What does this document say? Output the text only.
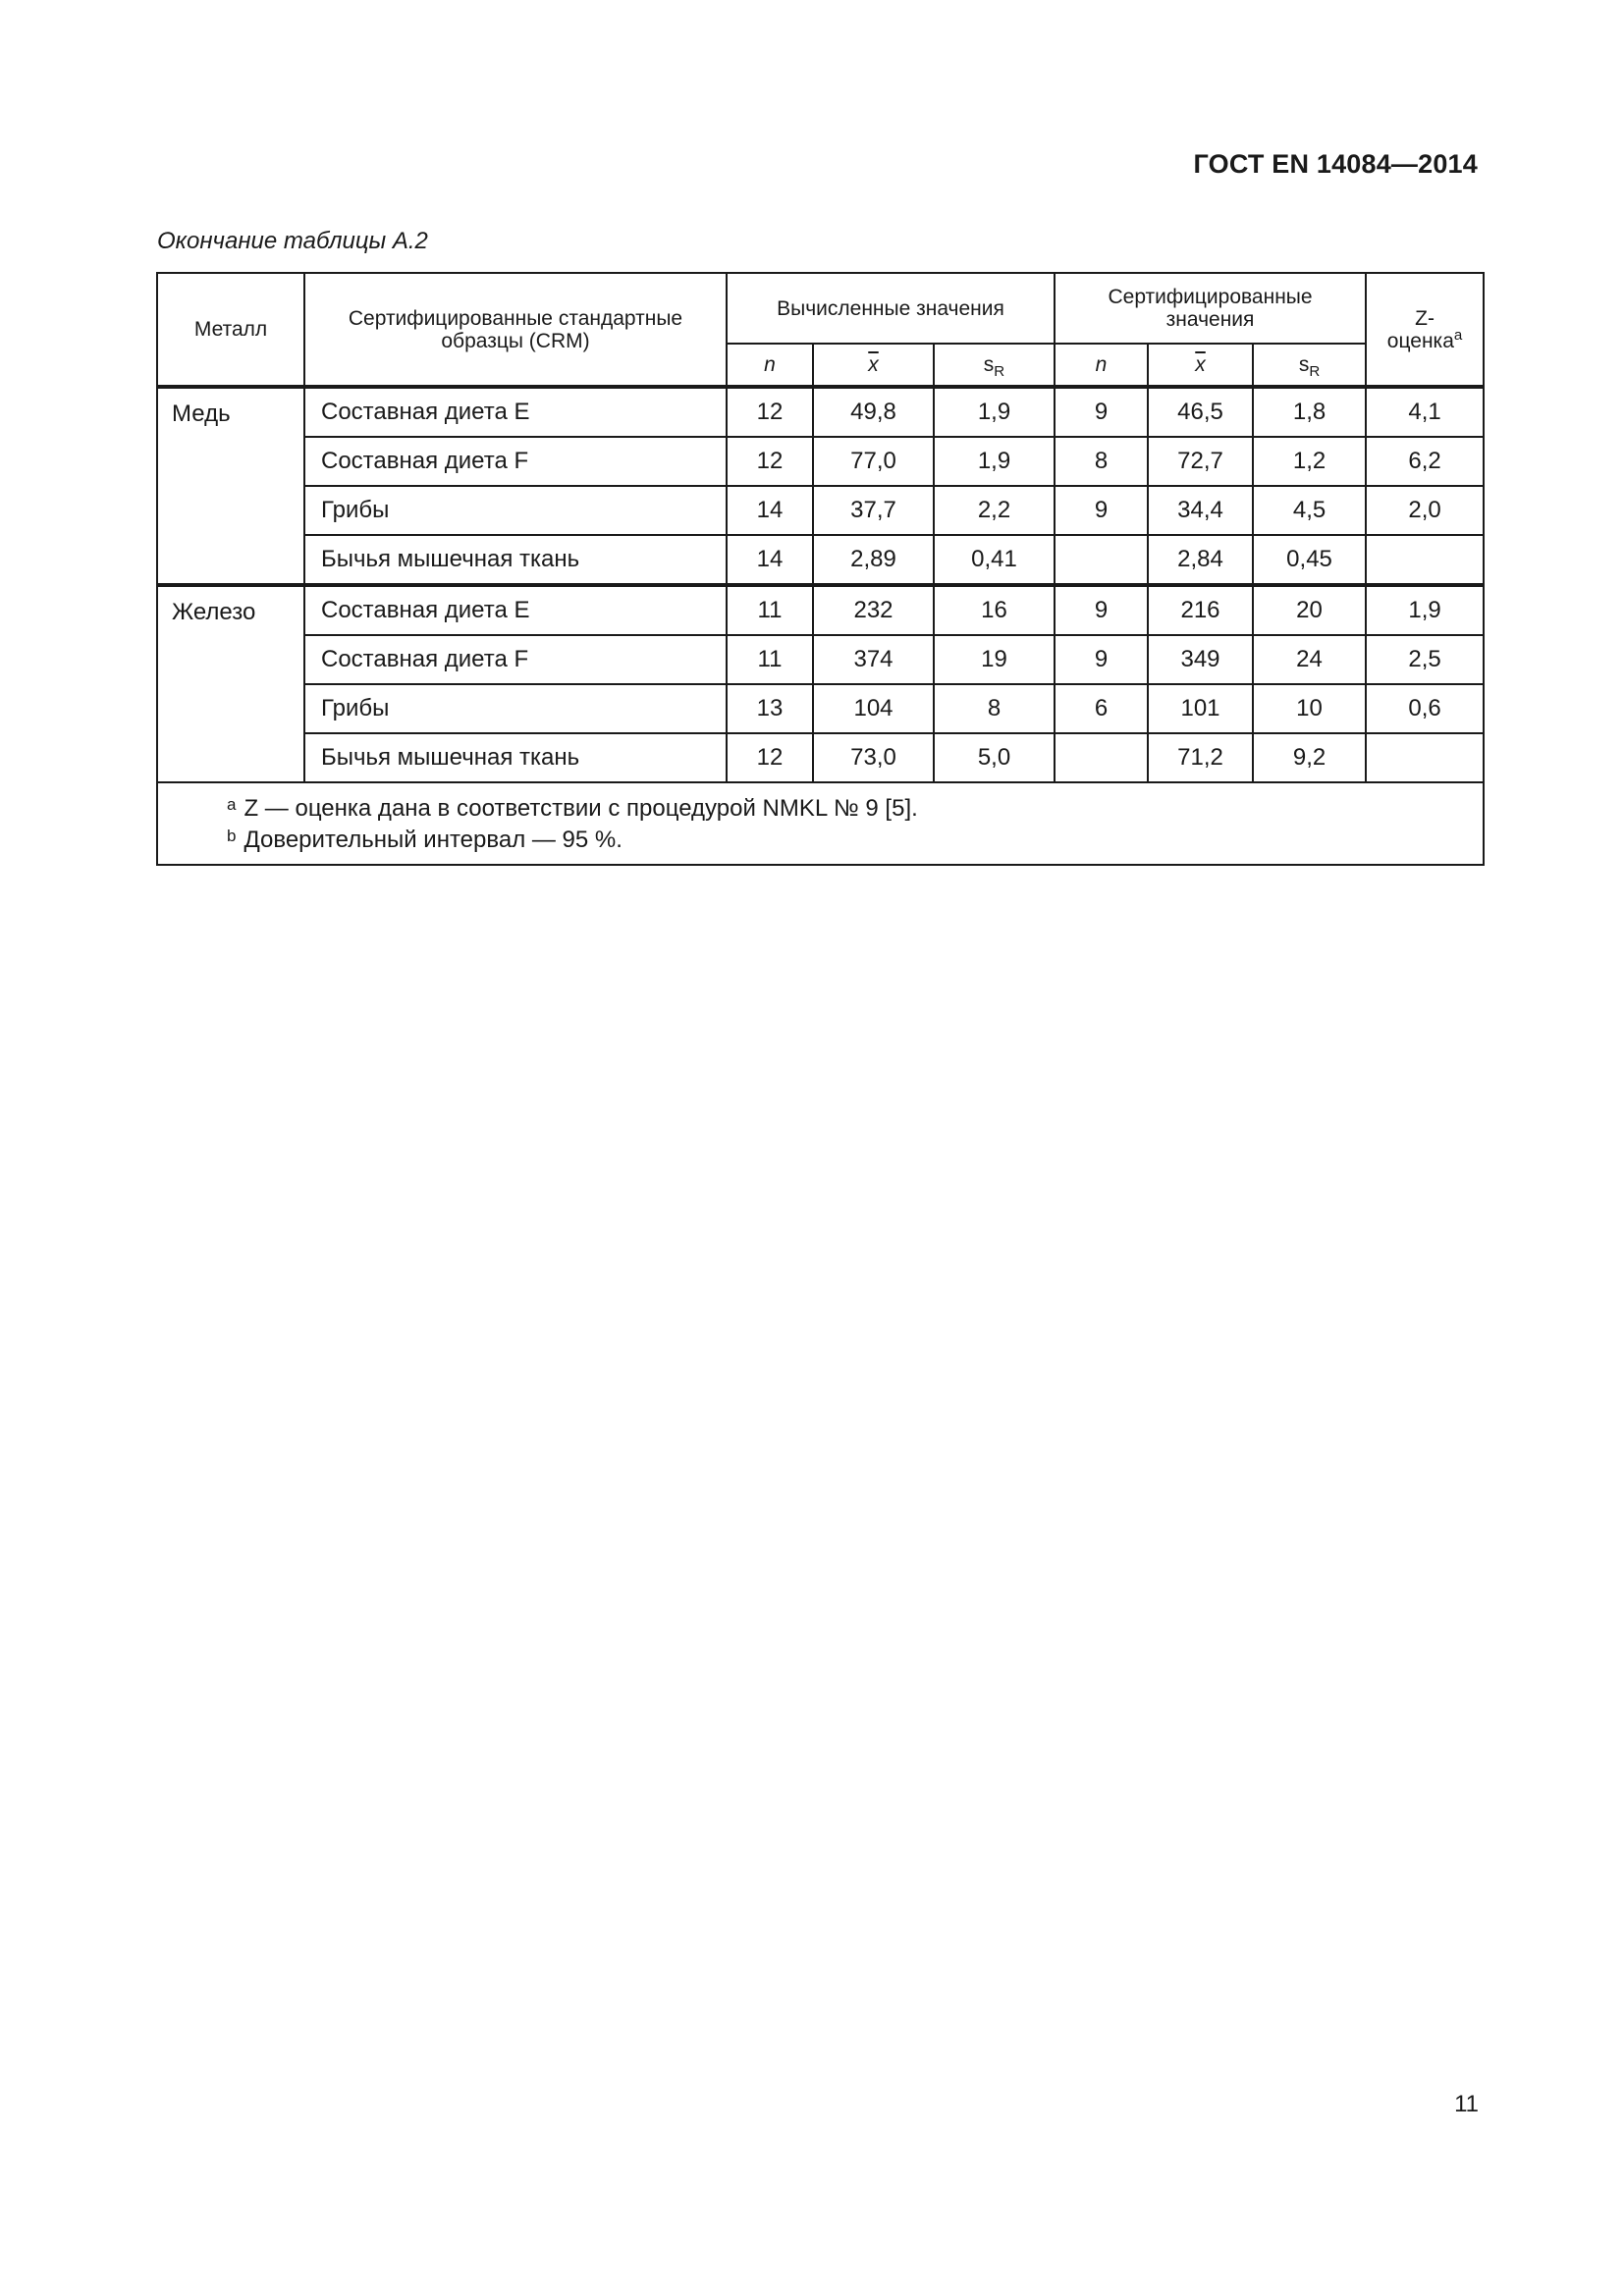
ГОСТ EN 14084—2014
Окончание таблицы А.2
Металл	Сертифицированные стандартные образцы (CRM)	Вычисленные значения			Сертифицированные значения			Z-оценка$^a$
		n	$\overline{x}$	$s_R$	n	$\overline{x}$	$s_R$
Медь	Составная диета E	12	49,8	1,9	9	46,5	1,8	4,1
	Составная диета F	12	77,0	1,9	8	72,7	1,2	6,2
	Грибы	14	37,7	2,2	9	34,4	4,5	2,0
	Бычья мышечная ткань	14	2,89	0,41		2,84	0,45	
Железо	Составная диета E	11	232	16	9	216	20	1,9
	Составная диета F	11	374	19	9	349	24	2,5
	Грибы	13	104	8	6	101	10	0,6
	Бычья мышечная ткань	12	73,0	5,0		71,2	9,2	

$^a$ Z — оценка дана в соответствии с процедурой NMKL № 9 [5].
$^b$ Доверительный интервал — 95 %.								
11
